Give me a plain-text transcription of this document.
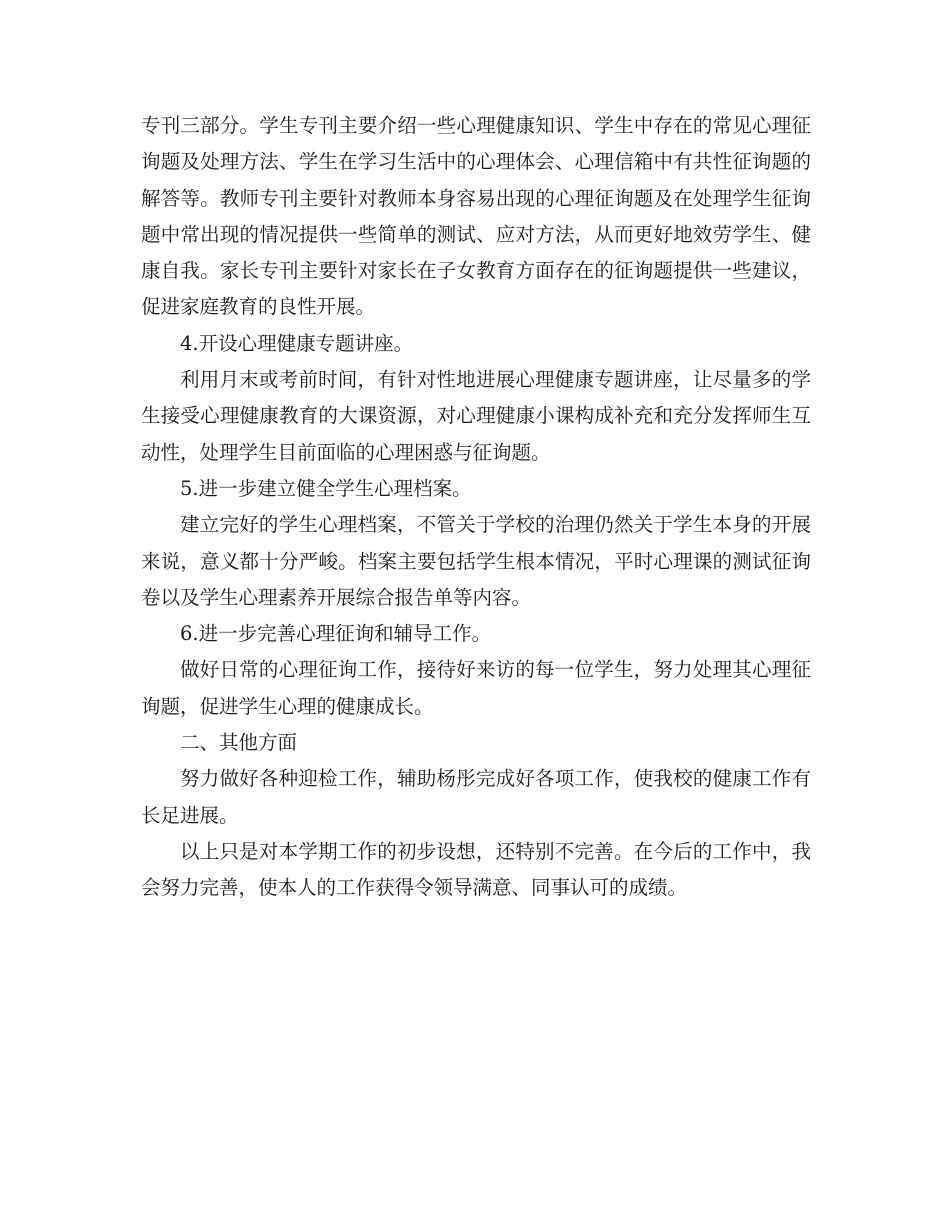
专刊三部分。学生专刊主要介绍一些心理健康知识、学生中存在的常见心理征询题及处理方法、学生在学习生活中的心理体会、心理信箱中有共性征询题的解答等。教师专刊主要针对教师本身容易出现的心理征询题及在处理学生征询题中常出现的情况提供一些简单的测试、应对方法，从而更好地效劳学生、健康自我。家长专刊主要针对家长在子女教育方面存在的征询题提供一些建议，促进家庭教育的良性开展。

4.开设心理健康专题讲座。

利用月末或考前时间，有针对性地进展心理健康专题讲座，让尽量多的学生接受心理健康教育的大课资源，对心理健康小课构成补充和充分发挥师生互动性，处理学生目前面临的心理困惑与征询题。

5.进一步建立健全学生心理档案。

建立完好的学生心理档案，不管关于学校的治理仍然关于学生本身的开展来说，意义都十分严峻。档案主要包括学生根本情况，平时心理课的测试征询卷以及学生心理素养开展综合报告单等内容。

6.进一步完善心理征询和辅导工作。

做好日常的心理征询工作，接待好来访的每一位学生，努力处理其心理征询题，促进学生心理的健康成长。

二、其他方面

努力做好各种迎检工作，辅助杨彤完成好各项工作，使我校的健康工作有长足进展。

以上只是对本学期工作的初步设想，还特别不完善。在今后的工作中，我会努力完善，使本人的工作获得令领导满意、同事认可的成绩。
